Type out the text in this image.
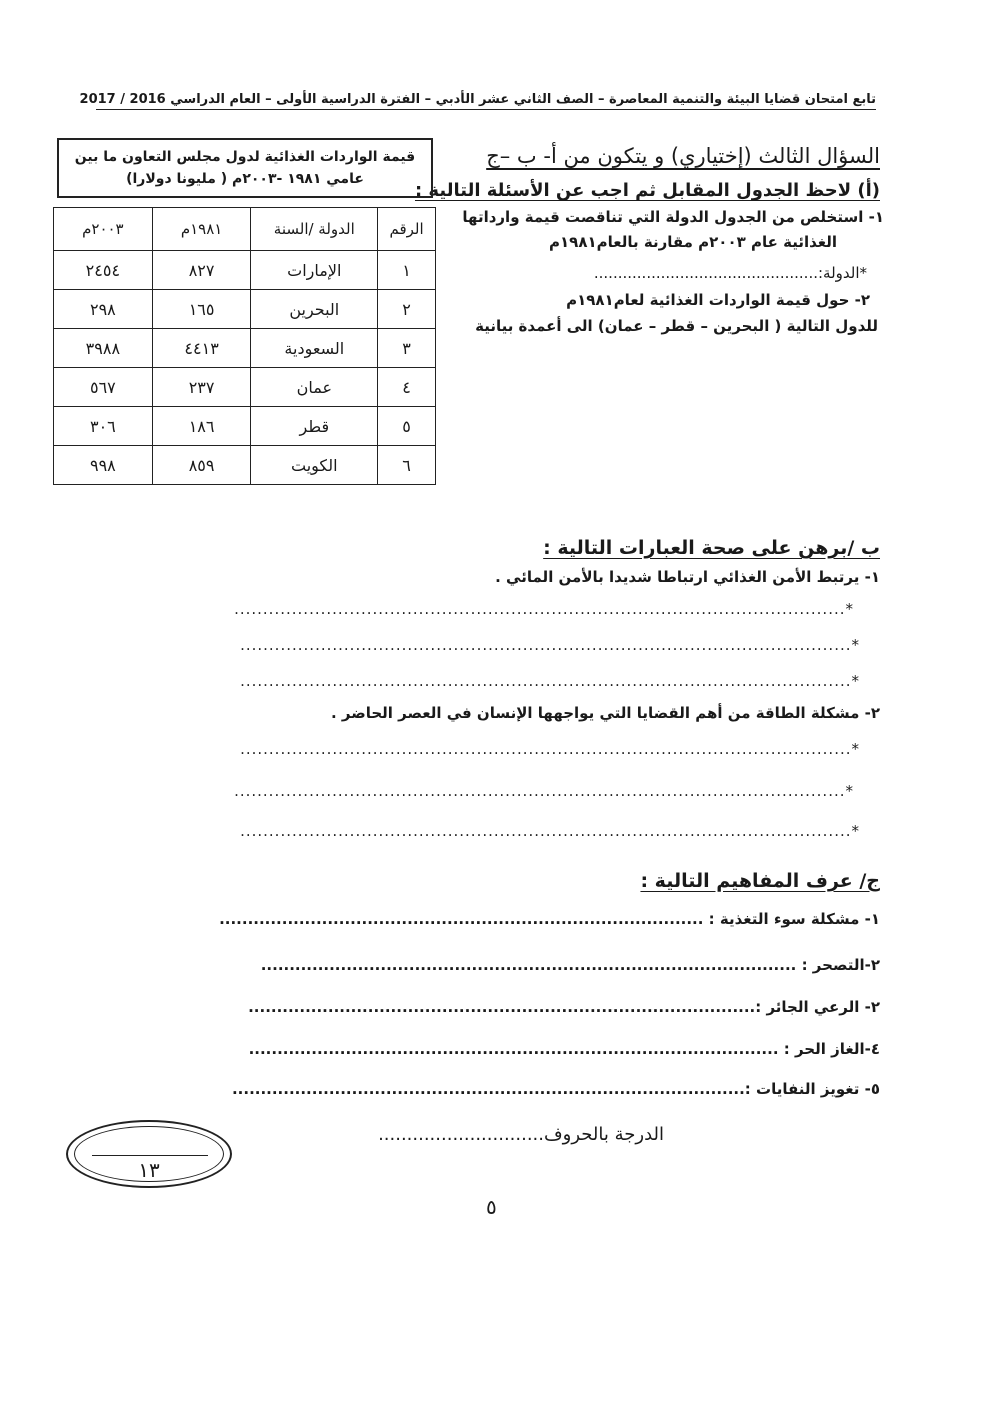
تابع امتحان قضايا البيئة والتنمية المعاصرة – الصف الثاني عشر الأدبي – الفترة الدراسية الأولى – العام الدراسي 2016 / 2017
السؤال الثالث (إختياري) و يتكون من أ- ب –ج
(أ) لاحظ الجدول المقابل ثم اجب عن الأسئلة التالية :
١- استخلص من الجدول الدولة التي تناقصت قيمة وارداتها
الغذائية عام ٢٠٠٣م مقارنة بالعام١٩٨١م
*الدولة:...............................................
٢- حول قيمة الواردات الغذائية لعام١٩٨١م
للدول التالية ( البحرين – قطر – عمان) الى أعمدة بيانية
قيمة الواردات الغذائية لدول مجلس التعاون ما بين
عامي ١٩٨١ -٢٠٠٣م ( مليونا دولارا)
الرقم	الدولة /السنة	١٩٨١م	٢٠٠٣م
١	الإمارات	٨٢٧	٢٤٥٤
٢	البحرين	١٦٥	٢٩٨
٣	السعودية	٤٤١٣	٣٩٨٨
٤	عمان	٢٣٧	٥٦٧
٥	قطر	١٨٦	٣٠٦
٦	الكويت	٨٥٩	٩٩٨
ب /برهن على صحة العبارات التالية :
١- يرتبط الأمن الغذائي ارتباطا شديدا بالأمن المائي .
*..........................................................................................................
*..........................................................................................................
*..........................................................................................................
٢- مشكلة الطاقة من أهم القضايا التي يواجهها الإنسان في العصر الحاضر .
*..........................................................................................................
*..........................................................................................................
*..........................................................................................................
ج/ عرف المفاهيم التالية :
١- مشكلة سوء التغذية : .....................................................................................
٢-التصحر : ..............................................................................................
٢- الرعي الجائر :.........................................................................................
٤-الغاز الحر : .............................................................................................
٥- تغويز النفايات :..........................................................................................
الدرجة بالحروف.............................
١٣
٥
